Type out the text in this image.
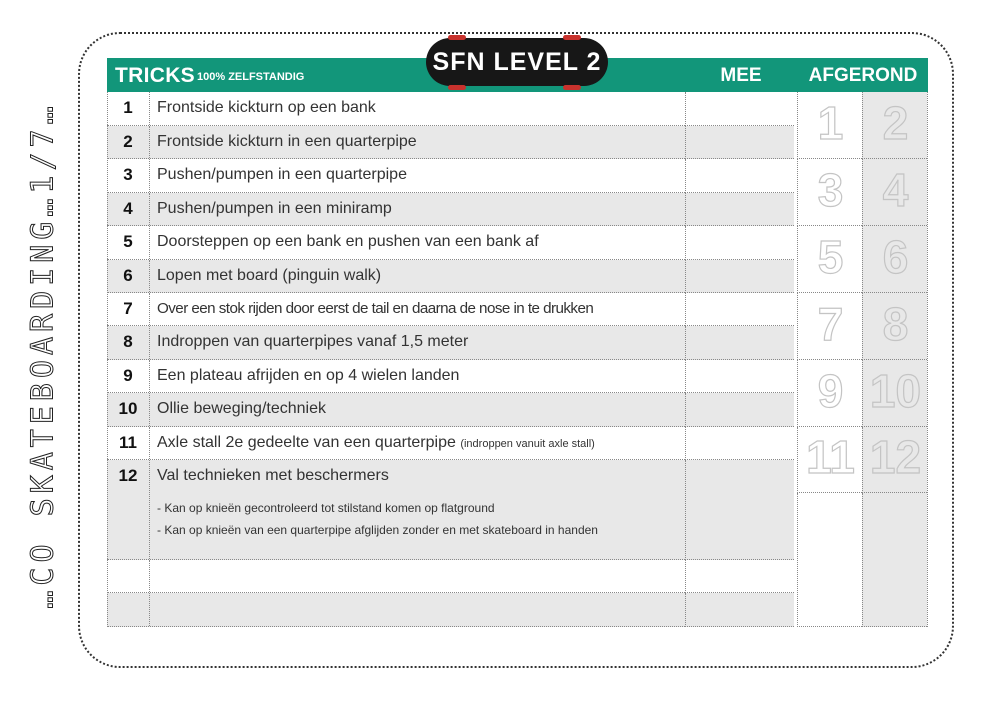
…CO SKATEBOARDING…1/7…
TRICKS 100% ZELFSTANDIG	MEE BEZIG
AFGEROND
SFN LEVEL 2
1	Frontside kickturn op een bank
2	Frontside kickturn in een quarterpipe
3	Pushen/pumpen in een quarterpipe
4	Pushen/pumpen in een miniramp
5	Doorsteppen op een bank en pushen van een bank af
6	Lopen met board (pinguin walk)
7	Over een stok rijden door eerst de tail en daarna de nose in te drukken
8	Indroppen van quarterpipes vanaf 1,5 meter
9	Een plateau afrijden en op 4 wielen landen
10	Ollie beweging/techniek
11	Axle stall 2e gedeelte van een quarterpipe (indroppen vanuit axle stall)
12	Val technieken met beschermers
- Kan op knieën gecontroleerd tot stilstand komen op flatground
- Kan op knieën van een quarterpipe afglijden zonder en met skateboard in handen
1 2
3 4
5 6
7 8
9 10
11 12
